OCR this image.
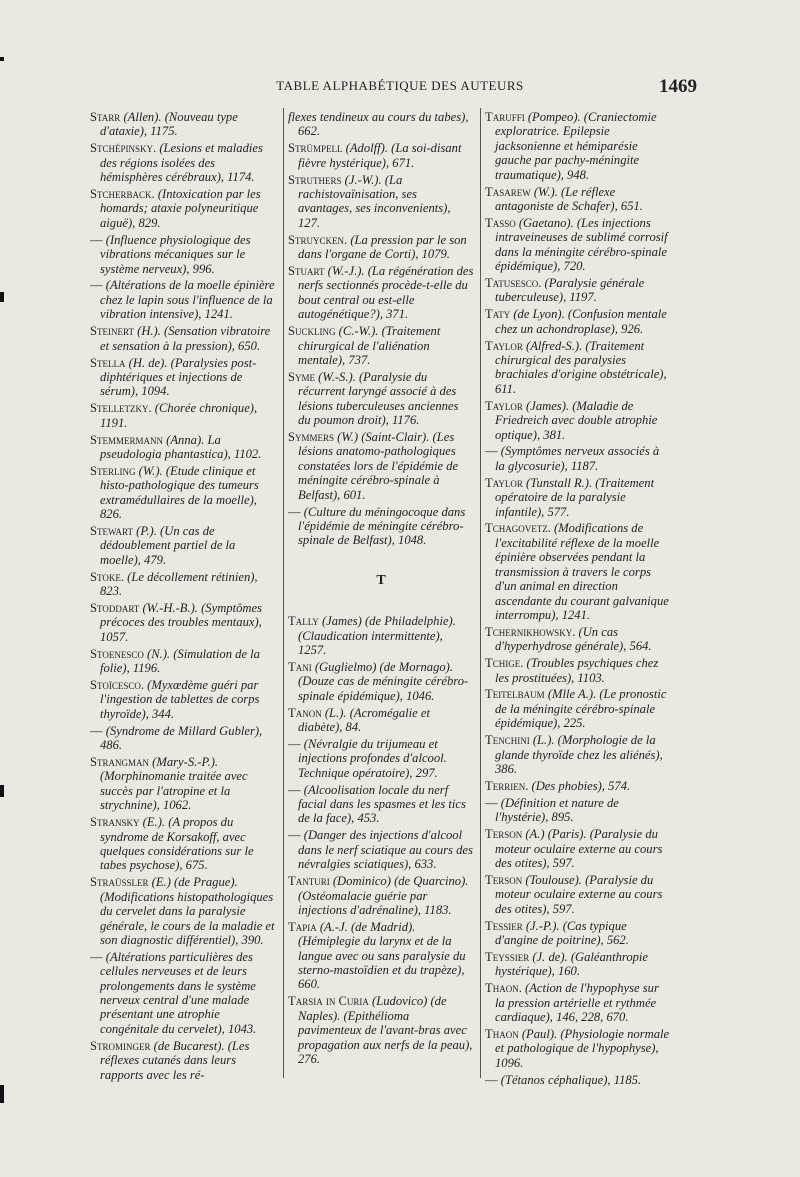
TABLE ALPHABÉTIQUE DES AUTEURS	1469
Starr (Allen). (Nouveau type d'ataxie), 1175.
Stchépinsky. (Lesions et maladies des régions isolées des hémisphères cérébraux), 1174.
Stcherback. (Intoxication par les homards; ataxie polyneuritique aiguë), 829.
— (Influence physiologique des vibrations mécaniques sur le système nerveux), 996.
— (Altérations de la moelle épinière chez le lapin sous l'influence de la vibration intensive), 1241.
Steinert (H.). (Sensation vibratoire et sensation à la pression), 650.
Stella (H. de). (Paralysies post-diphtériques et injections de sérum), 1094.
Stelletzky. (Chorée chronique), 1191.
Stemmermann (Anna). La pseudologia phantastica), 1102.
Sterling (W.). (Etude clinique et histo-pathologique des tumeurs extramédullaires de la moelle), 826.
Stewart (P.). (Un cas de dédoublement partiel de la moelle), 479.
Stoke. (Le décollement rétinien), 823.
Stoddart (W.-H.-B.). (Symptômes précoces des troubles mentaux), 1057.
Stoenesco (N.). (Simulation de la folie), 1196.
Stoïcesco. (Myxœdème guéri par l'ingestion de tablettes de corps thyroïde), 344.
— (Syndrome de Millard Gubler), 486.
Strangman (Mary-S.-P.). (Morphinomanie traitée avec succès par l'atropine et la strychnine), 1062.
Stransky (E.). (A propos du syndrome de Korsakoff, avec quelques considérations sur le tabes psychose), 675.
Straüssler (E.) (de Prague). (Modifications histopathologiques du cervelet dans la paralysie générale, le cours de la maladie et son diagnostic différentiel), 390.
— (Altérations particulières des cellules nerveuses et de leurs prolongements dans le système nerveux central d'une malade présentant une atrophie congénitale du cervelet), 1043.
Strominger (de Bucarest). (Les réflexes cutanés dans leurs rapports avec les ré-
flexes tendineux au cours du tabes), 662.
Strümpell (Adolff). (La soi-disant fièvre hystérique), 671.
Struthers (J.-W.). (La rachistovaïnisation, ses avantages, ses inconvenients), 127.
Struycken. (La pression par le son dans l'organe de Corti), 1079.
Stuart (W.-J.). (La régénération des nerfs sectionnés procède-t-elle du bout central ou est-elle autogénétique?), 371.
Suckling (C.-W.). (Traitement chirurgical de l'aliénation mentale), 737.
Syme (W.-S.). (Paralysie du récurrent laryngé associé à des lésions tuberculeuses anciennes du poumon droit), 1176.
Symmers (W.) (Saint-Clair). (Les lésions anatomo-pathologiques constatées lors de l'épidémie de méningite cérébro-spinale à Belfast), 601.
— (Culture du méningocoque dans l'épidémie de méningite cérébro-spinale de Belfast), 1048.
T
Tally (James) (de Philadelphie). (Claudication intermittente), 1257.
Tani (Guglielmo) (de Mornago). (Douze cas de méningite cérébro-spinale épidémique), 1046.
Tanon (L.). (Acromégalie et diabète), 84.
— (Névralgie du trijumeau et injections profondes d'alcool. Technique opératoire), 297.
— (Alcoolisation locale du nerf facial dans les spasmes et les tics de la face), 453.
— (Danger des injections d'alcool dans le nerf sciatique au cours des névralgies sciatiques), 633.
Tanturi (Dominico) (de Quarcino). (Ostéomalacie guérie par injections d'adrénaline), 1183.
Tapia (A.-J. (de Madrid). (Hémiplegie du larynx et de la langue avec ou sans paralysie du sterno-mastoïdien et du trapèze), 660.
Tarsia in Curia (Ludovico) (de Naples). (Epithélioma pavimenteux de l'avant-bras avec propagation aux nerfs de la peau), 276.
Taruffi (Pompeo). (Craniectomie exploratrice. Epilepsie jacksonienne et hémiparésie gauche par pachy-méningite traumatique), 948.
Tasarew (W.). (Le réflexe antagoniste de Schafer), 651.
Tasso (Gaetano). (Les injections intraveineuses de sublimé corrosif dans la méningite cérébro-spinale épidémique), 720.
Tatusesco. (Paralysie générale tuberculeuse), 1197.
Taty (de Lyon). (Confusion mentale chez un achondroplase), 926.
Taylor (Alfred-S.). (Traitement chirurgical des paralysies brachiales d'origine obstétricale), 611.
Taylor (James). (Maladie de Friedreich avec double atrophie optique), 381.
— (Symptômes nerveux associés à la glycosurie), 1187.
Taylor (Tunstall R.). (Traitement opératoire de la paralysie infantile), 577.
Tchagovetz. (Modifications de l'excitabilité réflexe de la moelle épinière observées pendant la transmission à travers le corps d'un animal en direction ascendante du courant galvanique interrompu), 1241.
Tchernikhowsky. (Un cas d'hyperhydrose générale), 564.
Tchige. (Troubles psychiques chez les prostituées), 1103.
Teitelbaum (Mlle A.). (Le pronostic de la méningite cérébro-spinale épidémique), 225.
Tenchini (L.). (Morphologie de la glande thyroïde chez les aliénés), 386.
Terrien. (Des phobies), 574.
— (Définition et nature de l'hystérie), 895.
Terson (A.) (Paris). (Paralysie du moteur oculaire externe au cours des otites), 597.
Terson (Toulouse). (Paralysie du moteur oculaire externe au cours des otites), 597.
Tessier (J.-P.). (Cas typique d'angine de poitrine), 562.
Teyssier (J. de). (Galéanthropie hystérique), 160.
Thaon. (Action de l'hypophyse sur la pression artérielle et rythmée cardiaque), 146, 228, 670.
Thaon (Paul). (Physiologie normale et pathologique de l'hypophyse), 1096.
— (Tétanos céphalique), 1185.
